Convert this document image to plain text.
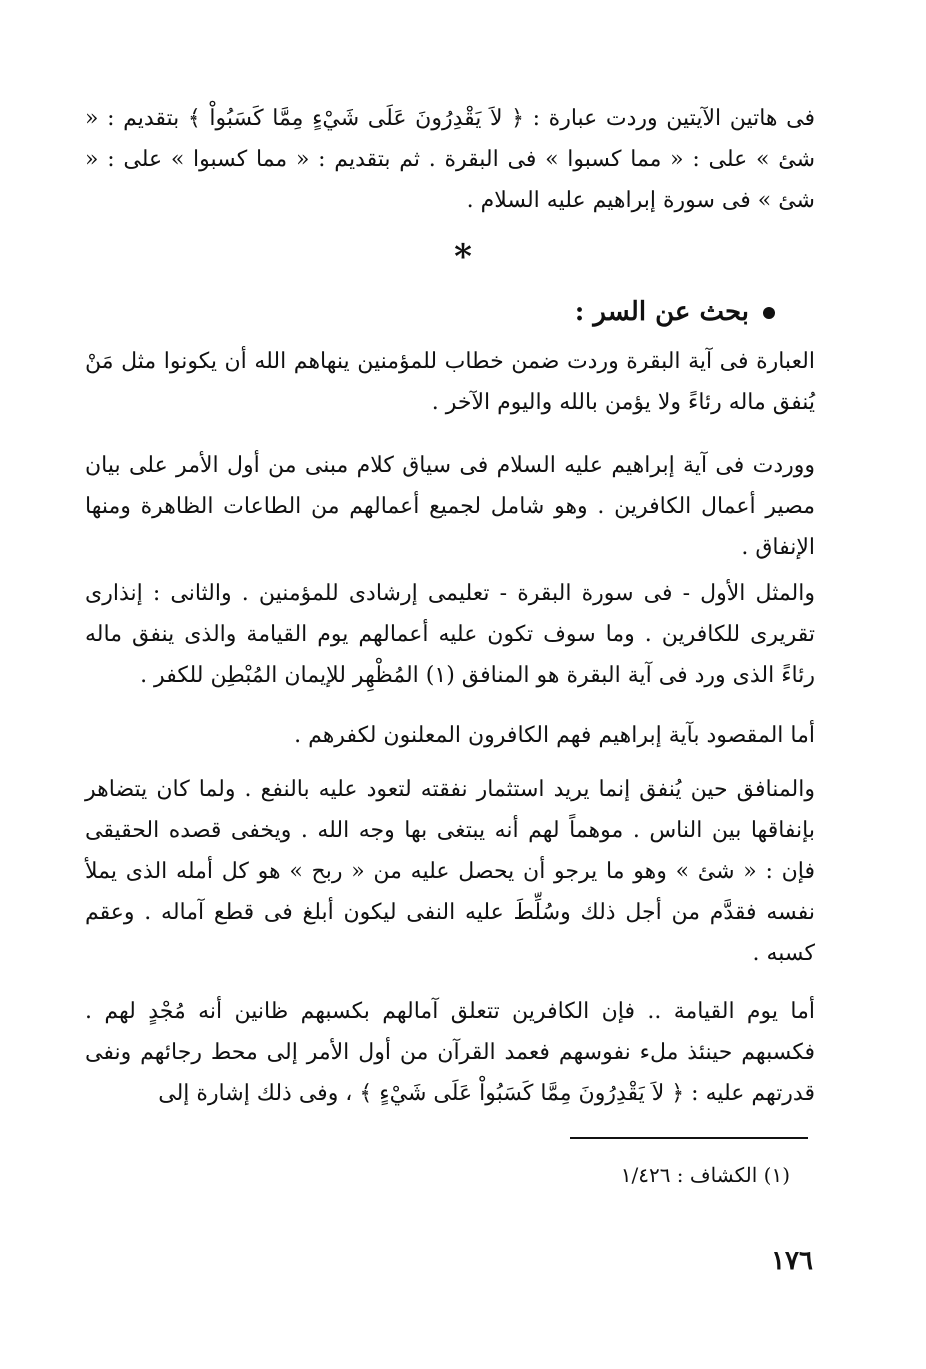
فى هاتين الآيتين وردت عبارة : ﴿ لاَ يَقْدِرُونَ عَلَى شَيْءٍ مِمَّا كَسَبُواْ ﴾ بتقديم : « شئ » على : « مما كسبوا » فى البقرة . ثم بتقديم : « مما كسبوا » على : « شئ » فى سورة إبراهيم عليه السلام .

*
بحث عن السر :

العبارة فى آية البقرة وردت ضمن خطاب للمؤمنين ينهاهم الله أن يكونوا مثل مَنْ يُنفق ماله رئاءً ولا يؤمن بالله واليوم الآخر .

ووردت فى آية إبراهيم عليه السلام فى سياق كلام مبنى من أول الأمر على بيان مصير أعمال الكافرين . وهو شامل لجميع أعمالهم من الطاعات الظاهرة ومنها الإنفاق .

والمثل الأول - فى سورة البقرة - تعليمى إرشادى للمؤمنين . والثانى : إنذارى تقريرى للكافرين . وما سوف تكون عليه أعمالهم يوم القيامة والذى ينفق ماله رئاءً الذى ورد فى آية البقرة هو المنافق (١) المُظْهِر للإيمان المُبْطِن للكفر .

أما المقصود بآية إبراهيم فهم الكافرون المعلنون لكفرهم .

والمنافق حين يُنفق إنما يريد استثمار نفقته لتعود عليه بالنفع . ولما كان يتضاهر بإنفاقها بين الناس . موهماً لهم أنه يبتغى بها وجه الله . ويخفى قصده الحقيقى فإن : « شئ » وهو ما يرجو أن يحصل عليه من « ربح » هو كل أمله الذى يملأ نفسه فقدَّم من أجل ذلك وسُلِّطَ عليه النفى ليكون أبلغ فى قطع آماله . وعقم كسبه .

أما يوم القيامة .. فإن الكافرين تتعلق آمالهم بكسبهم ظانين أنه مُجْدٍ لهم . فكسبهم حينئذ ملء نفوسهم فعمد القرآن من أول الأمر إلى محط رجائهم ونفى قدرتهم عليه : ﴿ لاَ يَقْدِرُونَ مِمَّا كَسَبُواْ عَلَى شَيْءٍ ﴾ ، وفى ذلك إشارة إلى

(١) الكشاف : ١/٤٢٦
١٧٦
